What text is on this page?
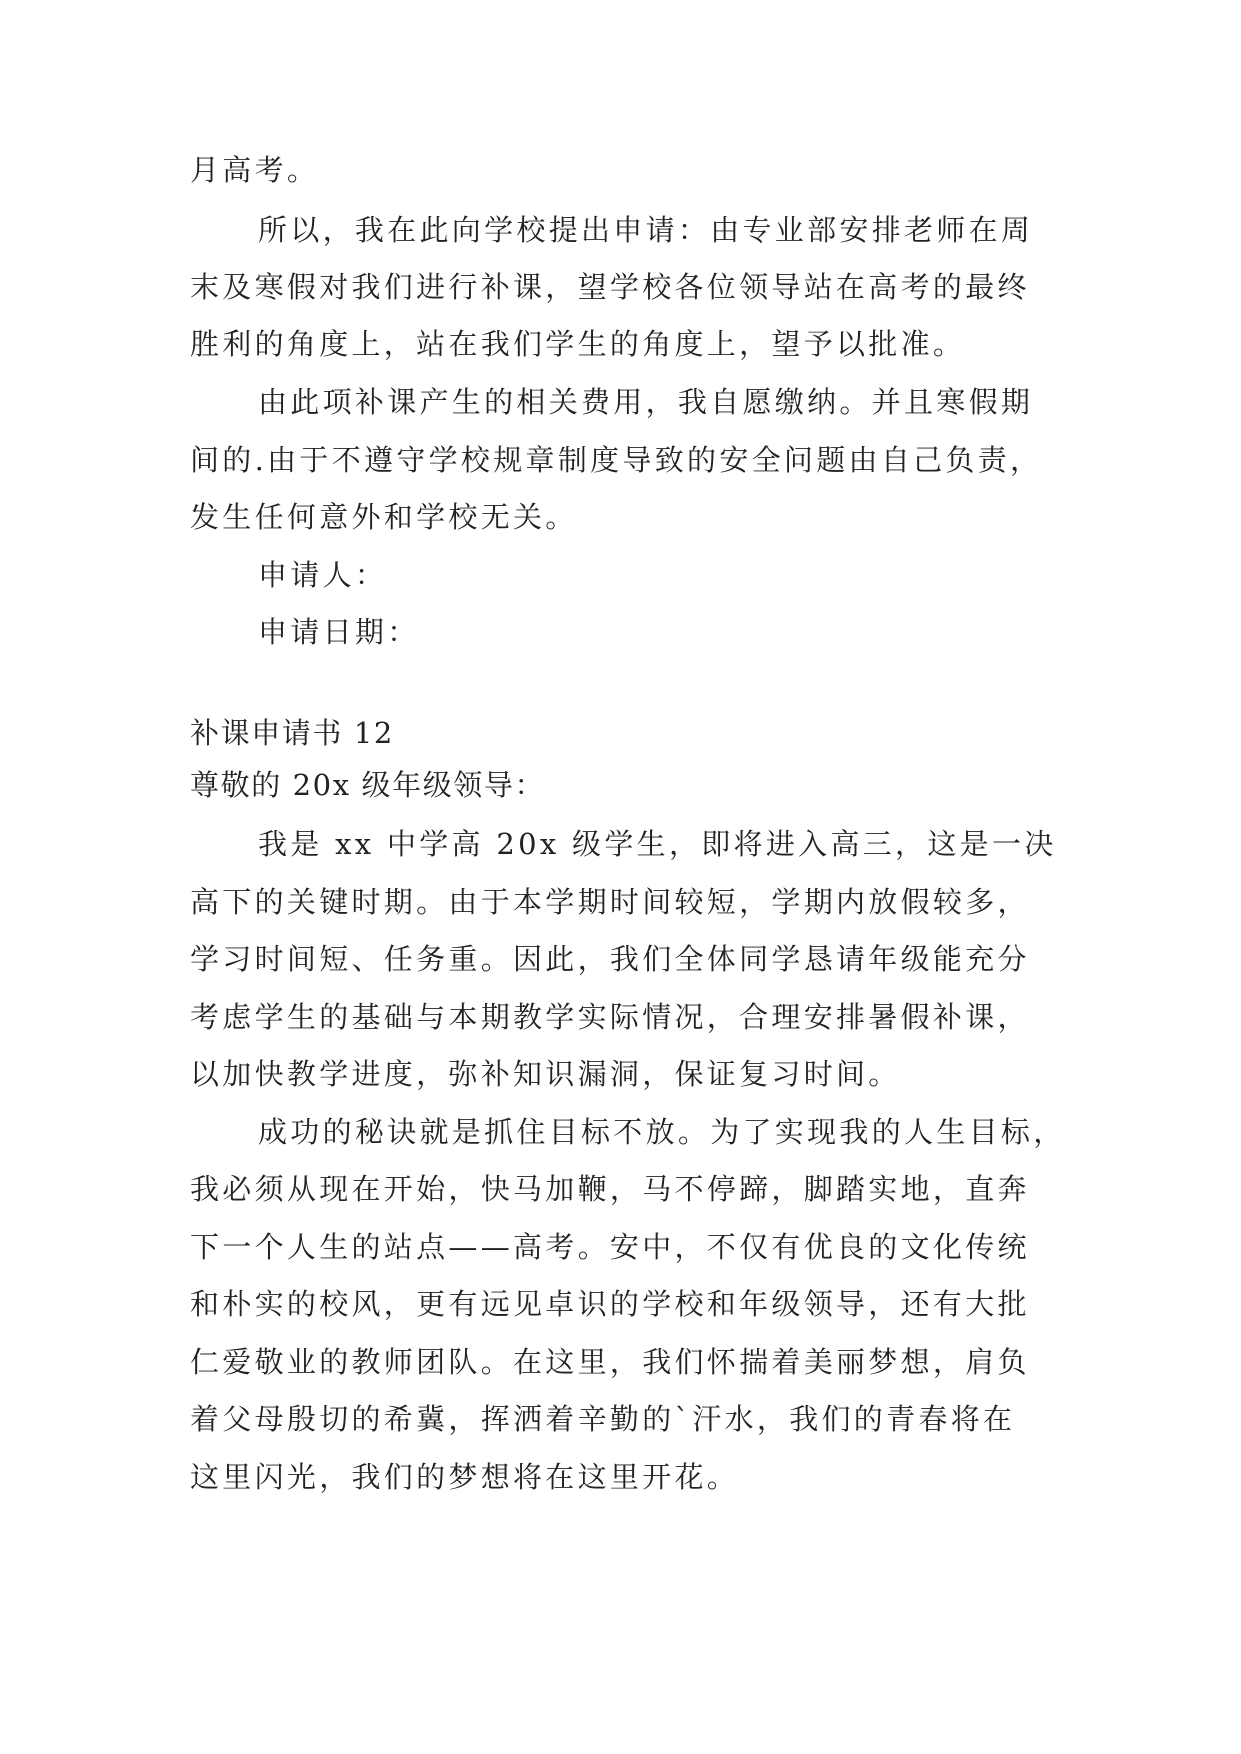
月高考。
所以，我在此向学校提出申请：由专业部安排老师在周
末及寒假对我们进行补课，望学校各位领导站在高考的最终
胜利的角度上，站在我们学生的角度上，望予以批准。
由此项补课产生的相关费用，我自愿缴纳。并且寒假期
间的.由于不遵守学校规章制度导致的安全问题由自己负责，
发生任何意外和学校无关。
申请人：
申请日期：
补课申请书 12
尊敬的 20x 级年级领导：
我是 xx 中学高 20x 级学生，即将进入高三，这是一决
高下的关键时期。由于本学期时间较短，学期内放假较多，
学习时间短、任务重。因此，我们全体同学恳请年级能充分
考虑学生的基础与本期教学实际情况，合理安排暑假补课，
以加快教学进度，弥补知识漏洞，保证复习时间。
成功的秘诀就是抓住目标不放。为了实现我的人生目标，
我必须从现在开始，快马加鞭，马不停蹄，脚踏实地，直奔
下一个人生的站点——高考。安中，不仅有优良的文化传统
和朴实的校风，更有远见卓识的学校和年级领导，还有大批
仁爱敬业的教师团队。在这里，我们怀揣着美丽梦想，肩负
着父母殷切的希冀，挥洒着辛勤的`汗水，我们的青春将在
这里闪光，我们的梦想将在这里开花。
